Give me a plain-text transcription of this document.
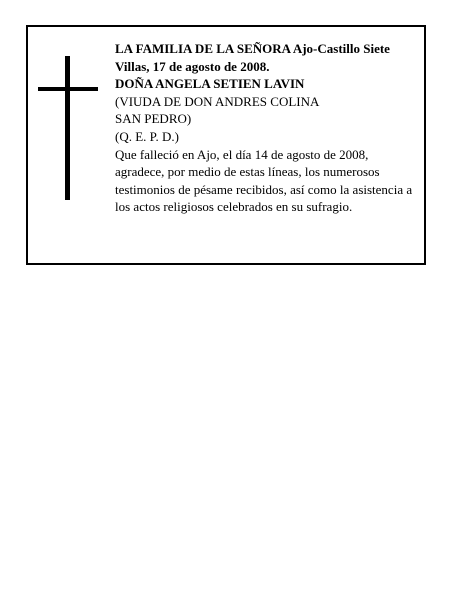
LA FAMILIA DE LA SEÑORA Ajo-Castillo Siete
Villas, 17 de agosto de 2008.
DOÑA ANGELA SETIEN LAVIN
(VIUDA DE DON ANDRES COLINA
SAN PEDRO)
(Q. E. P. D.)
Que falleció en Ajo, el día 14 de agosto de 2008, agradece, por medio de estas líneas, los numerosos testimonios de pésame recibidos, así como la asistencia a los actos religiosos celebrados en su sufragio.
